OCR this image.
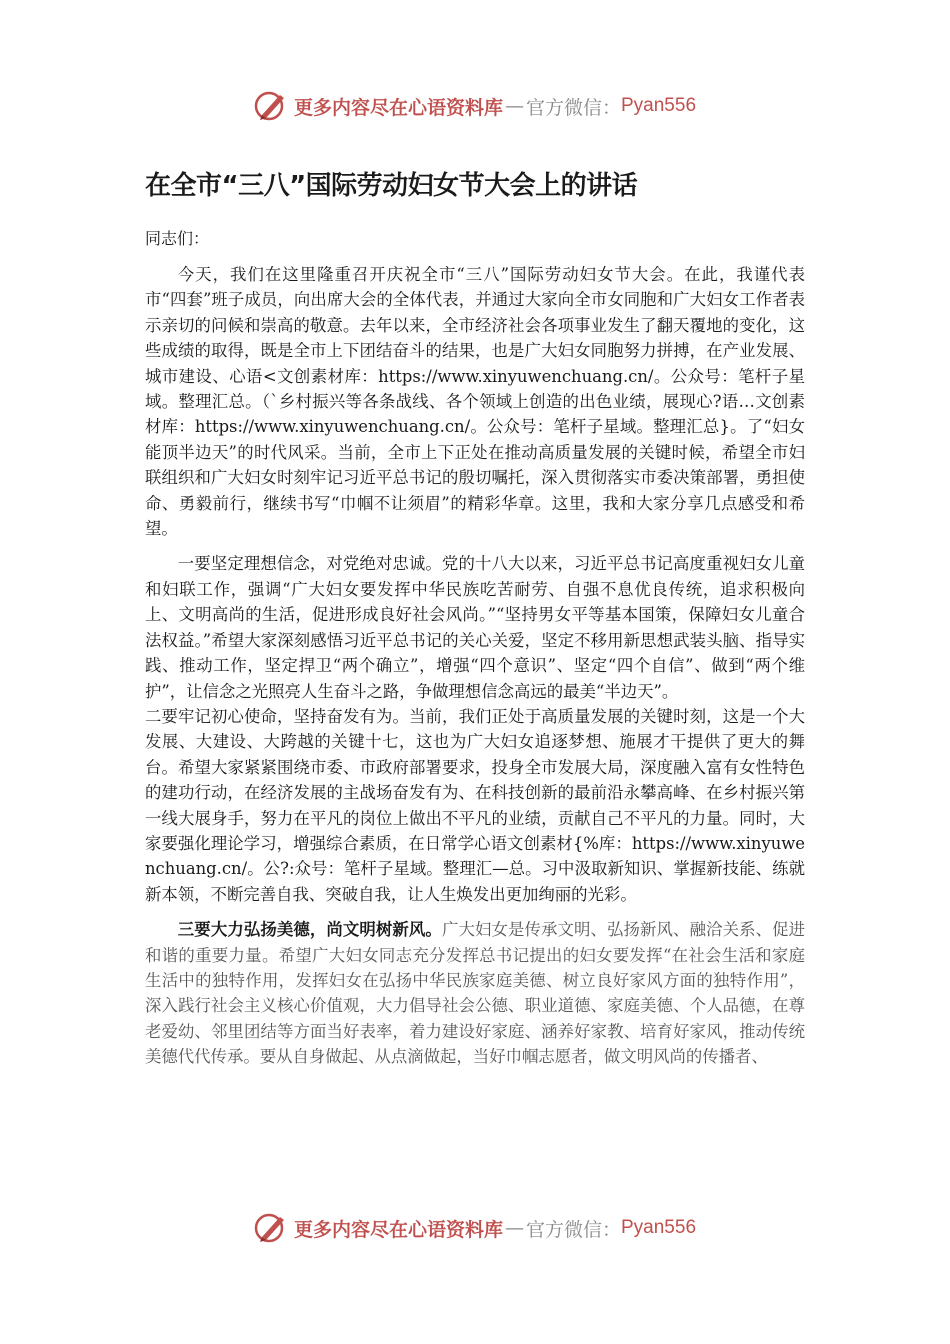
更多内容尽在心语资料库 — 官方微信： Pyan556
在全市“三八”国际劳动妇女节大会上的讲话

同志们：

今天，我们在这里隆重召开庆祝全市“三八”国际劳动妇女节大会。在此，我谨代表市“四套”班子成员，向出席大会的全体代表，并通过大家向全市女同胞和广大妇女工作者表示亲切的问候和崇高的敬意。去年以来，全市经济社会各项事业发生了翻天覆地的变化，这些成绩的取得，既是全市上下团结奋斗的结果，也是广大妇女同胞努力拼搏，在产业发展、城市建设、心语<文创素材库：https://www.xinyuwenchuang.cn/。公众号：笔杆子星域。整理汇总。（`乡村振兴等各条战线、各个领域上创造的出色业绩，展现心?语…文创素材库：https://www.xinyuwenchuang.cn/。公众号：笔杆子星域。整理汇总}。了“妇女能顶半边天”的时代风采。当前，全市上下正处在推动高质量发展的关键时候，希望全市妇联组织和广大妇女时刻牢记习近平总书记的殷切嘱托，深入贯彻落实市委决策部署，勇担使命、勇毅前行，继续书写“巾帼不让须眉”的精彩华章。这里，我和大家分享几点感受和希望。

一要坚定理想信念，对党绝对忠诚。党的十八大以来，习近平总书记高度重视妇女儿童和妇联工作，强调“广大妇女要发挥中华民族吃苦耐劳、自强不息优良传统，追求积极向上、文明高尚的生活，促进形成良好社会风尚。”“坚持男女平等基本国策，保障妇女儿童合法权益。”希望大家深刻感悟习近平总书记的关心关爱，坚定不移用新思想武装头脑、指导实践、推动工作，坚定捍卫“两个确立”，增强“四个意识”、坚定“四个自信”、做到“两个维护”，让信念之光照亮人生奋斗之路，争做理想信念高远的最美“半边天”。

二要牢记初心使命，坚持奋发有为。当前，我们正处于高质量发展的关键时刻，这是一个大发展、大建设、大跨越的关键十七，这也为广大妇女追逐梦想、施展才干提供了更大的舞台。希望大家紧紧围绕市委、市政府部署要求，投身全市发展大局，深度融入富有女性特色的建功行动，在经济发展的主战场奋发有为、在科技创新的最前沿永攀高峰、在乡村振兴第一线大展身手，努力在平凡的岗位上做出不平凡的业绩，贡献自己不平凡的力量。同时，大家要强化理论学习，增强综合素质，在日常学心语文创素材{%库：https://www.xinyuwenchuang.cn/。公?:众号：笔杆子星域。整理汇—总。习中汲取新知识、掌握新技能、练就新本领，不断完善自我、突破自我，让人生焕发出更加绚丽的光彩。

三要大力弘扬美德，尚文明树新风。广大妇女是传承文明、弘扬新风、融洽关系、促进和谐的重要力量。希望广大妇女同志充分发挥总书记提出的妇女要发挥“在社会生活和家庭生活中的独特作用，发挥妇女在弘扬中华民族家庭美德、树立良好家风方面的独特作用”，深入践行社会主义核心价值观，大力倡导社会公德、职业道德、家庭美德、个人品德，在尊老爱幼、邻里团结等方面当好表率，着力建设好家庭、涵养好家教、培育好家风，推动传统美德代代传承。要从自身做起、从点滴做起，当好巾帼志愿者，做文明风尚的传播者、

更多内容尽在心语资料库 — 官方微信： Pyan556
